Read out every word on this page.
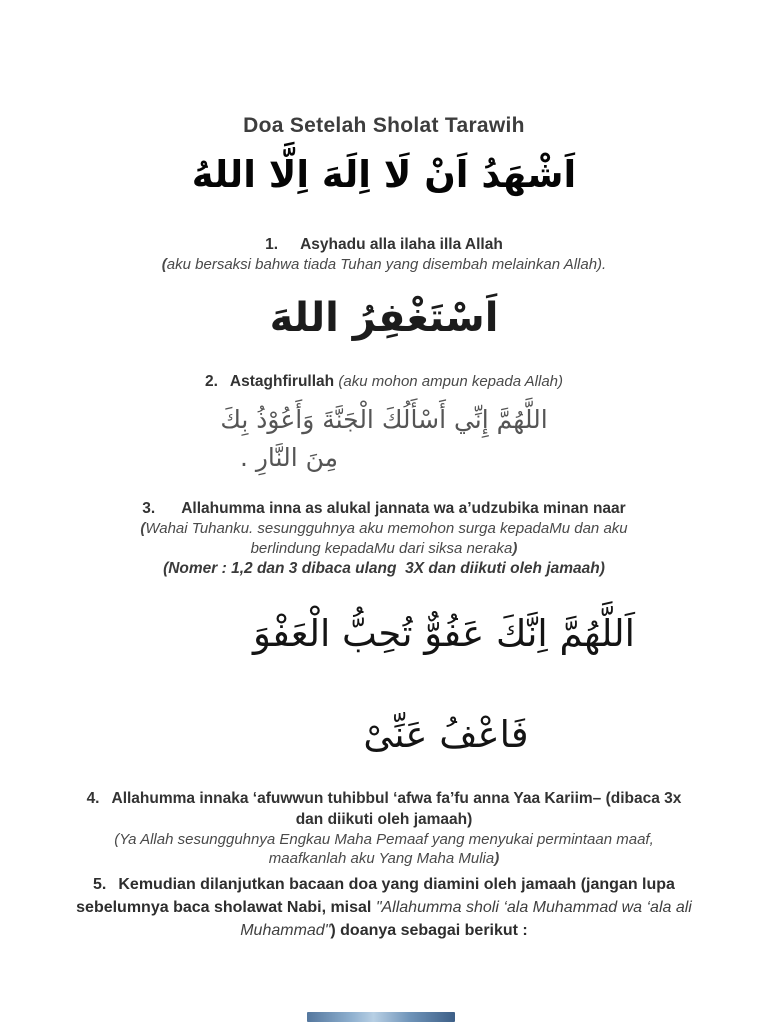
Doa Setelah Sholat Tarawih
اَشْهَدُ اَنْ لَا اِلَهَ اِلَّا اللهُ
1. Asyhadu alla ilaha illa Allah
(aku bersaksi bahwa tiada Tuhan yang disembah melainkan Allah).
اَسْتَغْفِرُ اللهَ
2. Astaghfirullah (aku mohon ampun kepada Allah)
اللَّهُمَّ إِنِّي أَسْأَلُكَ الْجَنَّةَ وَأَعُوْذُ بِكَ
مِنَ النَّارِ .
3. Allahumma inna as alukal jannata wa a’udzubika minan naar
(Wahai Tuhanku. sesungguhnya aku memohon surga kepadaMu dan aku berlindung kepadaMu dari siksa neraka)
(Nomer : 1,2 dan 3 dibaca ulang  3X dan diikuti oleh jamaah)
اَللَّهُمَّ اِنَّكَ عَفُوٌّ تُحِبُّ الْعَفْوَ
فَاعْفُ عَنِّىْ
4. Allahumma innaka ‘afuwwun tuhibbul ‘afwa fa’fu anna Yaa Kariim– (dibaca 3x dan diikuti oleh jamaah)
(Ya Allah sesungguhnya Engkau Maha Pemaaf yang menyukai permintaan maaf, maafkanlah aku Yang Maha Mulia)
5. Kemudian dilanjutkan bacaan doa yang diamini oleh jamaah (jangan lupa sebelumnya baca sholawat Nabi, misal "Allahumma sholi ‘ala Muhammad wa ‘ala ali Muhammad") doanya sebagai berikut :
